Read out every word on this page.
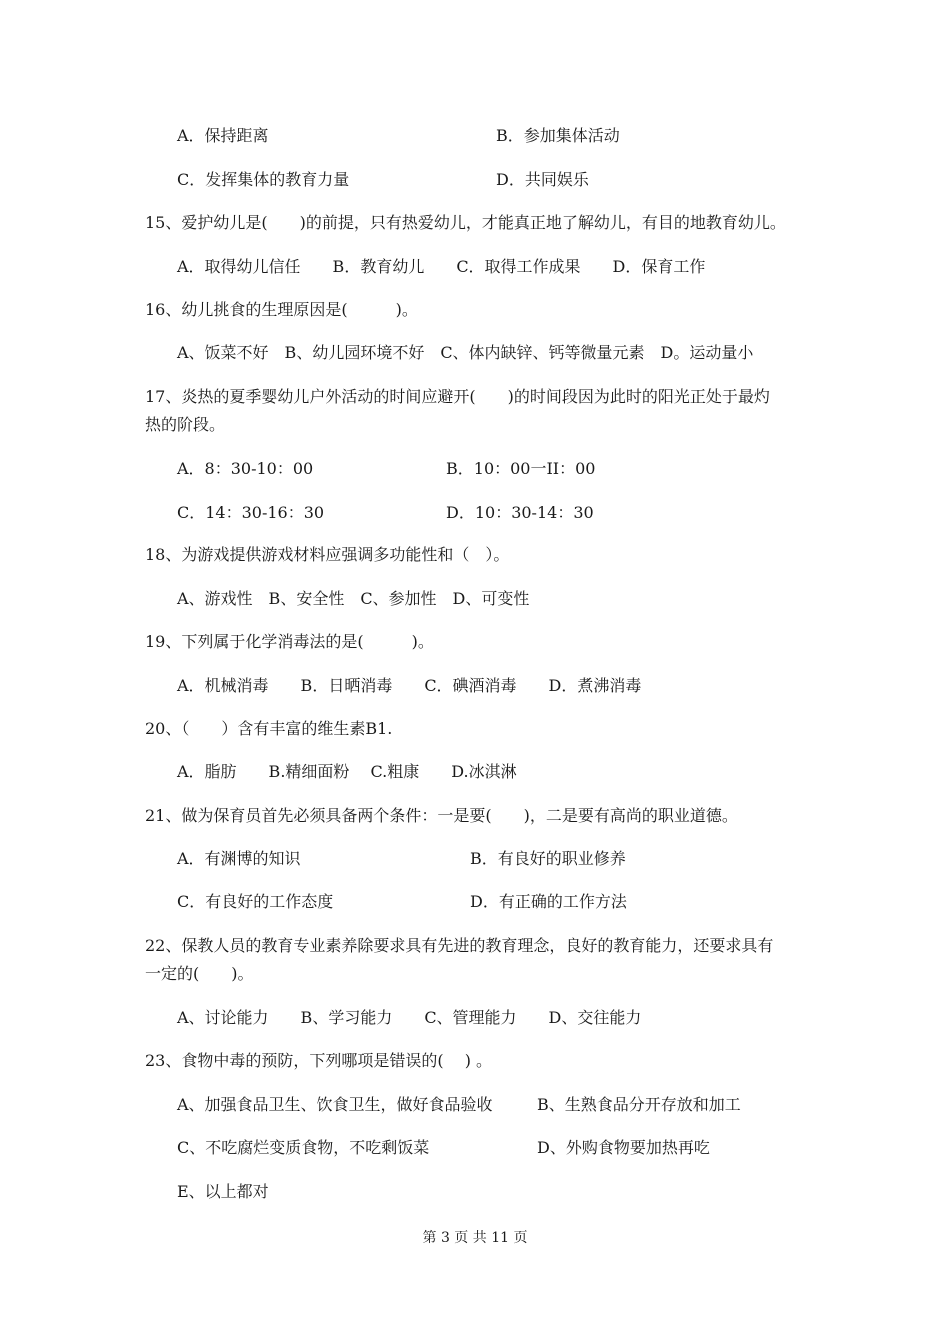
A．保持距离	B．参加集体活动
C．发挥集体的教育力量	D．共同娱乐
15、爱护幼儿是(　　)的前提，只有热爱幼儿，才能真正地了解幼儿，有目的地教育幼儿。
A．取得幼儿信任　　B．教育幼儿　　C．取得工作成果　　D．保育工作
16、幼儿挑食的生理原因是(　　　)。
A、饭菜不好　B、幼儿园环境不好　C、体内缺锌、钙等微量元素　D。运动量小
17、炎热的夏季婴幼儿户外活动的时间应避开(　　)的时间段因为此时的阳光正处于最灼
热的阶段。
A．8：30-10：00	B．10：00一II：00
C．14：30-16：30	D．10：30-14：30
18、为游戏提供游戏材料应强调多功能性和（　）。
A、游戏性　B、安全性　C、参加性　D、可变性
19、下列属于化学消毒法的是(　　　)。
A．机械消毒　　B．日晒消毒　　C．碘酒消毒　　D．煮沸消毒
20、（　　）含有丰富的维生素B1.
A．脂肪　　B.精细面粉　 C.粗康　　D.冰淇淋
21、做为保育员首先必须具备两个条件：一是要(　　)，二是要有高尚的职业道德。
A．有渊博的知识	B．有良好的职业修养
C．有良好的工作态度	D．有正确的工作方法
22、保教人员的教育专业素养除要求具有先进的教育理念，良好的教育能力，还要求具有
一定的(　　)。
A、讨论能力　　B、学习能力　　C、管理能力　　D、交往能力
23、食物中毒的预防，下列哪项是错误的(　 ) 。
A、加强食品卫生、饮食卫生，做好食品验收	B、生熟食品分开存放和加工
C、不吃腐烂变质食物，不吃剩饭菜	D、外购食物要加热再吃
E、以上都对
第 3 页 共 11 页
